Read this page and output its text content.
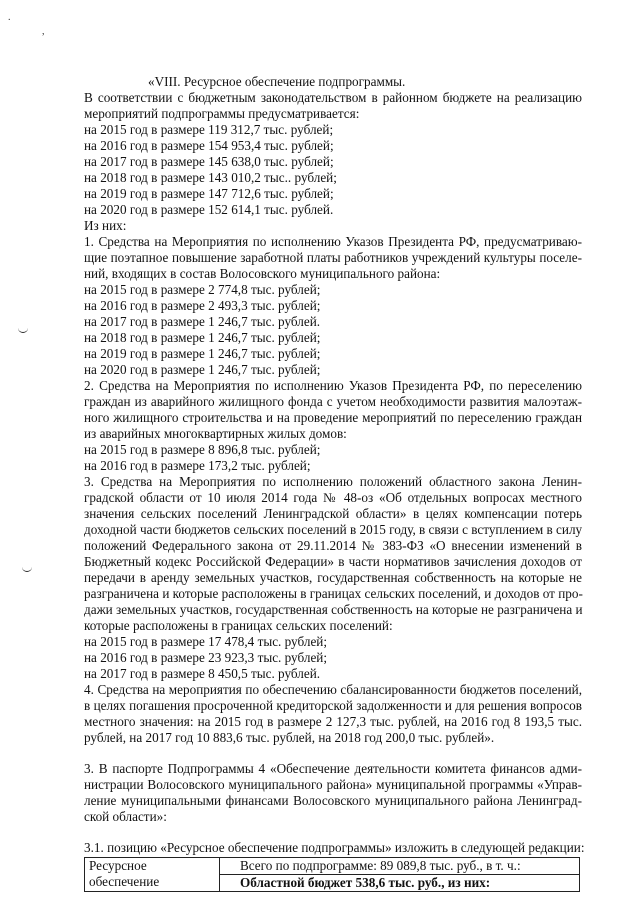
.
,
«VIII. Ресурсное обеспечение подпрограммы.
В соответствии с бюджетным законодательством в районном бюджете на реализацию
мероприятий подпрограммы предусматривается:
на 2015 год в размере 119 312,7 тыс. рублей;
на 2016 год в размере 154 953,4 тыс. рублей;
на 2017 год в размере 145 638,0 тыс. рублей;
на 2018 год в размере 143 010,2 тыс.. рублей;
на 2019 год в размере 147 712,6 тыс. рублей;
на 2020 год в размере 152 614,1 тыс. рублей.
Из них:
1. Средства на Мероприятия по исполнению Указов Президента РФ, предусматриваю-
щие поэтапное повышение заработной платы работников учреждений культуры поселе-
ний, входящих в состав Волосовского муниципального района:
на 2015 год в размере 2 774,8 тыс. рублей;
на 2016 год в размере 2 493,3 тыс. рублей;
на 2017 год в размере 1 246,7 тыс. рублей.
на 2018 год в размере 1 246,7 тыс. рублей;
на 2019 год в размере 1 246,7 тыс. рублей;
на 2020 год в размере 1 246,7 тыс. рублей;
2. Средства на Мероприятия по исполнению Указов Президента РФ, по переселению
граждан из аварийного жилищного фонда с учетом необходимости развития малоэтаж-
ного жилищного строительства и на проведение мероприятий по переселению граждан
из аварийных многоквартирных жилых домов:
на 2015 год в размере 8 896,8 тыс. рублей;
на 2016 год в размере 173,2 тыс. рублей;
3. Средства на Мероприятия по исполнению положений областного закона Ленин-
градской области от 10 июля 2014 года № 48-оз «Об отдельных вопросах местного
значения сельских поселений Ленинградской области» в целях компенсации потерь
доходной части бюджетов сельских поселений в 2015 году, в связи с вступлением в силу
положений Федерального закона от 29.11.2014 № 383-ФЗ «О внесении изменений в
Бюджетный кодекс Российской Федерации» в части нормативов зачисления доходов от
передачи в аренду земельных участков, государственная собственность на которые не
разграничена и которые расположены в границах сельских поселений, и доходов от про-
дажи земельных участков, государственная собственность на которые не разграничена и
которые расположены в границах сельских поселений:
на 2015 год в размере 17 478,4 тыс. рублей;
на 2016 год в размере 23 923,3 тыс. рублей;
на 2017 год в размере 8 450,5 тыс. рублей.
4. Средства на мероприятия по обеспечению сбалансированности бюджетов поселений,
в целях погашения просроченной кредиторской задолженности и для решения вопросов
местного значения: на 2015 год в размере 2 127,3 тыс. рублей, на 2016 год 8 193,5 тыс.
рублей, на 2017 год 10 883,6 тыс. рублей, на 2018 год 200,0 тыс. рублей».
3. В паспорте Подпрограммы 4 «Обеспечение деятельности комитета финансов адми-
нистрации Волосовского муниципального района» муниципальной программы «Управ-
ление муниципальными финансами Волосовского муниципального района Ленинград-
ской области»:
3.1. позицию «Ресурсное обеспечение подпрограммы» изложить в следующей редакции:
Ресурсное обеспечение	Всего по подпрограмме: 89 089,8 тыс. руб., в т. ч.:
Областной бюджет 538,6 тыс. руб., из них:
